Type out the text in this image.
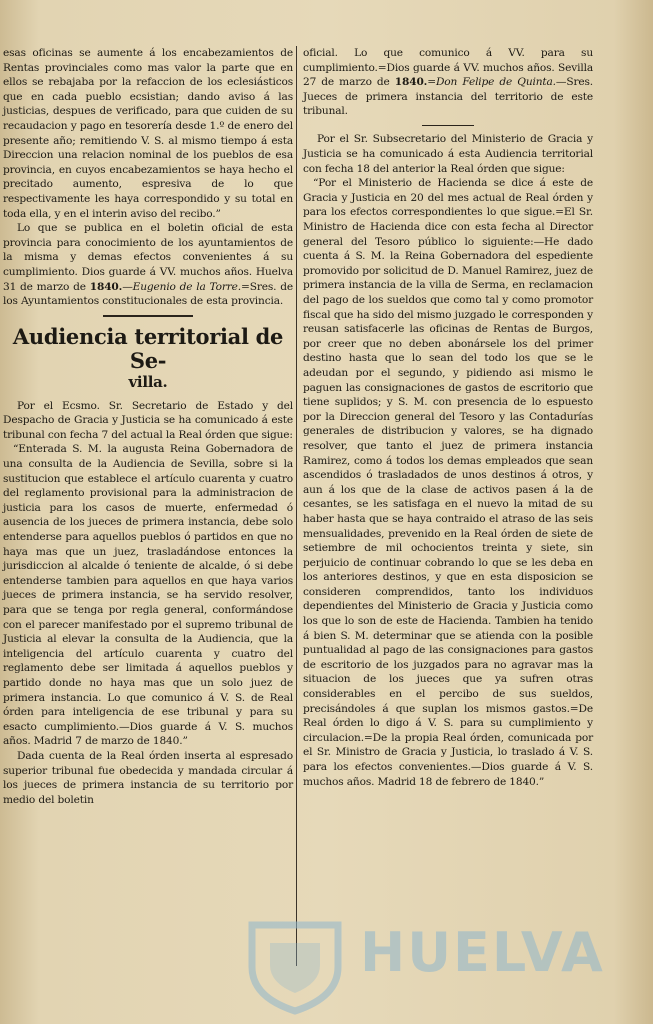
esas oficinas se aumente á los encabezamientos de Rentas provinciales como mas valor la parte que en ellos se rebajaba por la refaccion de los eclesiásticos que en cada pueblo ecsistian; dando aviso á las justicias, despues de verificado, para que cuiden de su recaudacion y pago en tesorería desde 1.º de enero del presente año; remitiendo V. S. al mismo tiempo á esta Direccion una relacion nominal de los pueblos de esa provincia, en cuyos encabezamientos se haya hecho el precitado aumento, espresiva de lo que respectivamente les haya correspondido y su total en toda ella, y en el interin aviso del recibo.”

Lo que se publica en el boletin oficial de esta provincia para conocimiento de los ayuntamientos de la misma y demas efectos convenientes á su cumplimiento. Dios guarde á VV. muchos años. Huelva 31 de marzo de 1840.—Eugenio de la Torre.=Sres. de los Ayuntamientos constitucionales de esta provincia.

Audiencia territorial de Se-
villa.

Por el Ecsmo. Sr. Secretario de Estado y del Despacho de Gracia y Justicia se ha comunicado á este tribunal con fecha 7 del actual la Real órden que sigue:

“Enterada S. M. la augusta Reina Gobernadora de una consulta de la Audiencia de Sevilla, sobre si la sustitucion que establece el artículo cuarenta y cuatro del reglamento provisional para la administracion de justicia para los casos de muerte, enfermedad ó ausencia de los jueces de primera instancia, debe solo entenderse para aquellos pueblos ó partidos en que no haya mas que un juez, trasladándose entonces la jurisdiccion al alcalde ó teniente de alcalde, ó si debe entenderse tambien para aquellos en que haya varios jueces de primera instancia, se ha servido resolver, para que se tenga por regla general, conformándose con el parecer manifestado por el supremo tribunal de Justicia al elevar la consulta de la Audiencia, que la inteligencia del artículo cuarenta y cuatro del reglamento debe ser limitada á aquellos pueblos y partido donde no haya mas que un solo juez de primera instancia. Lo que comunico á V. S. de Real órden para inteligencia de ese tribunal y para su esacto cumplimiento.—Dios guarde á V. S. muchos años. Madrid 7 de marzo de 1840.”

Dada cuenta de la Real órden inserta al espresado superior tribunal fue obedecida y mandada circular á los jueces de primera instancia de su territorio por medio del boletin

oficial. Lo que comunico á VV. para su cumplimiento.=Dios guarde á VV. muchos años. Sevilla 27 de marzo de 1840.=Don Felipe de Quinta.—Sres. Jueces de primera instancia del territorio de este tribunal.

Por el Sr. Subsecretario del Ministerio de Gracia y Justicia se ha comunicado á esta Audiencia territorial con fecha 18 del anterior la Real órden que sigue:

“Por el Ministerio de Hacienda se dice á este de Gracia y Justicia en 20 del mes actual de Real órden y para los efectos correspondientes lo que sigue.=El Sr. Ministro de Hacienda dice con esta fecha al Director general del Tesoro público lo siguiente:—He dado cuenta á S. M. la Reina Gobernadora del espediente promovido por solicitud de D. Manuel Ramirez, juez de primera instancia de la villa de Serma, en reclamacion del pago de los sueldos que como tal y como promotor fiscal que ha sido del mismo juzgado le corresponden y reusan satisfacerle las oficinas de Rentas de Burgos, por creer que no deben abonársele los del primer destino hasta que lo sean del todo los que se le adeudan por el segundo, y pidiendo asi mismo le paguen las consignaciones de gastos de escritorio que tiene suplidos; y S. M. con presencia de lo espuesto por la Direccion general del Tesoro y las Contadurías generales de distribucion y valores, se ha dignado resolver, que tanto el juez de primera instancia Ramirez, como á todos los demas empleados que sean ascendidos ó trasladados de unos destinos á otros, y aun á los que de la clase de activos pasen á la de cesantes, se les satisfaga en el nuevo la mitad de su haber hasta que se haya contraido el atraso de las seis mensualidades, prevenido en la Real órden de siete de setiembre de mil ochocientos treinta y siete, sin perjuicio de continuar cobrando lo que se les deba en los anteriores destinos, y que en esta disposicion se consideren comprendidos, tanto los individuos dependientes del Ministerio de Gracia y Justicia como los que lo son de este de Hacienda. Tambien ha tenido á bien S. M. determinar que se atienda con la posible puntualidad al pago de las consignaciones para gastos de escritorio de los juzgados para no agravar mas la situacion de los jueces que ya sufren otras considerables en el percibo de sus sueldos, precisándoles á que suplan los mismos gastos.=De Real órden lo digo á V. S. para su cumplimiento y circulacion.=De la propia Real órden, comunicada por el Sr. Ministro de Gracia y Justicia, lo traslado á V. S. para los efectos convenientes.—Dios guarde á V. S. muchos años. Madrid 18 de febrero de 1840.”

HUELVA
